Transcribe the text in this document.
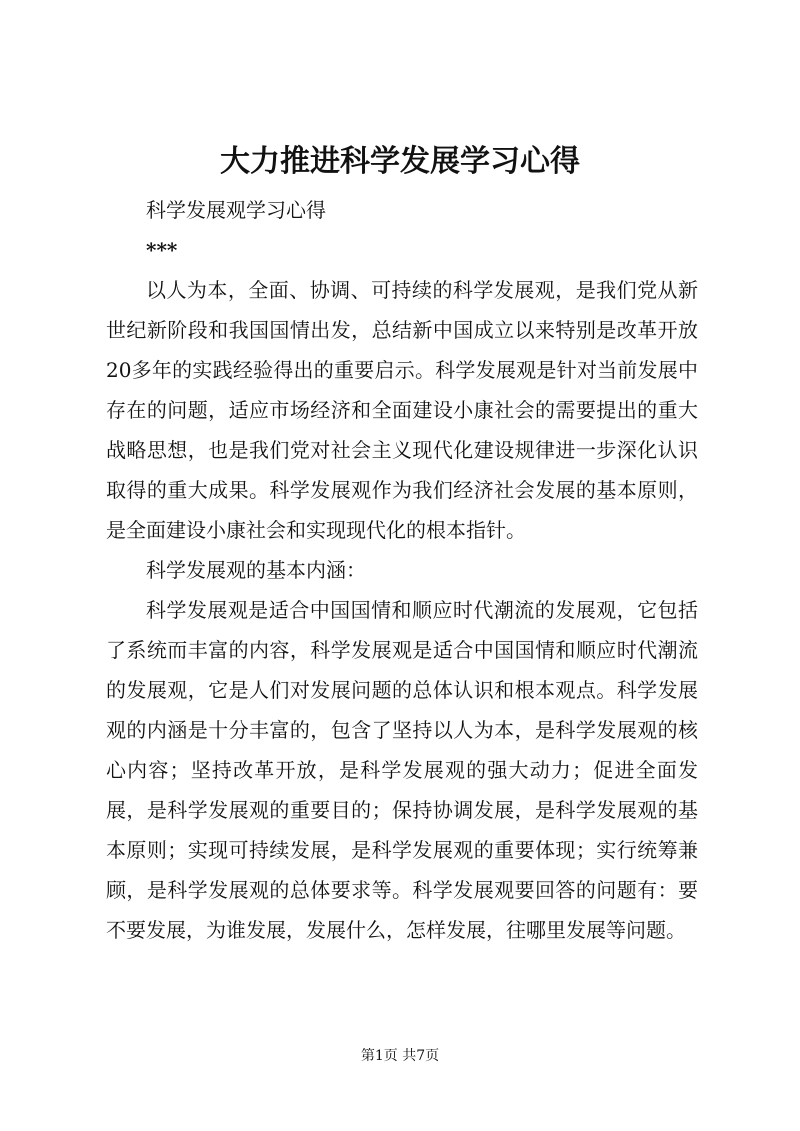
大力推进科学发展学习心得

科学发展观学习心得

***

以人为本，全面、协调、可持续的科学发展观，是我们党从新世纪新阶段和我国国情出发，总结新中国成立以来特别是改革开放20多年的实践经验得出的重要启示。科学发展观是针对当前发展中存在的问题，适应市场经济和全面建设小康社会的需要提出的重大战略思想，也是我们党对社会主义现代化建设规律进一步深化认识取得的重大成果。科学发展观作为我们经济社会发展的基本原则，是全面建设小康社会和实现现代化的根本指针。

科学发展观的基本内涵：

科学发展观是适合中国国情和顺应时代潮流的发展观，它包括了系统而丰富的内容，科学发展观是适合中国国情和顺应时代潮流的发展观，它是人们对发展问题的总体认识和根本观点。科学发展观的内涵是十分丰富的，包含了坚持以人为本，是科学发展观的核心内容；坚持改革开放，是科学发展观的强大动力；促进全面发展，是科学发展观的重要目的；保持协调发展，是科学发展观的基本原则；实现可持续发展，是科学发展观的重要体现；实行统筹兼顾，是科学发展观的总体要求等。科学发展观要回答的问题有：要不要发展，为谁发展，发展什么，怎样发展，往哪里发展等问题。

第1页 共7页
